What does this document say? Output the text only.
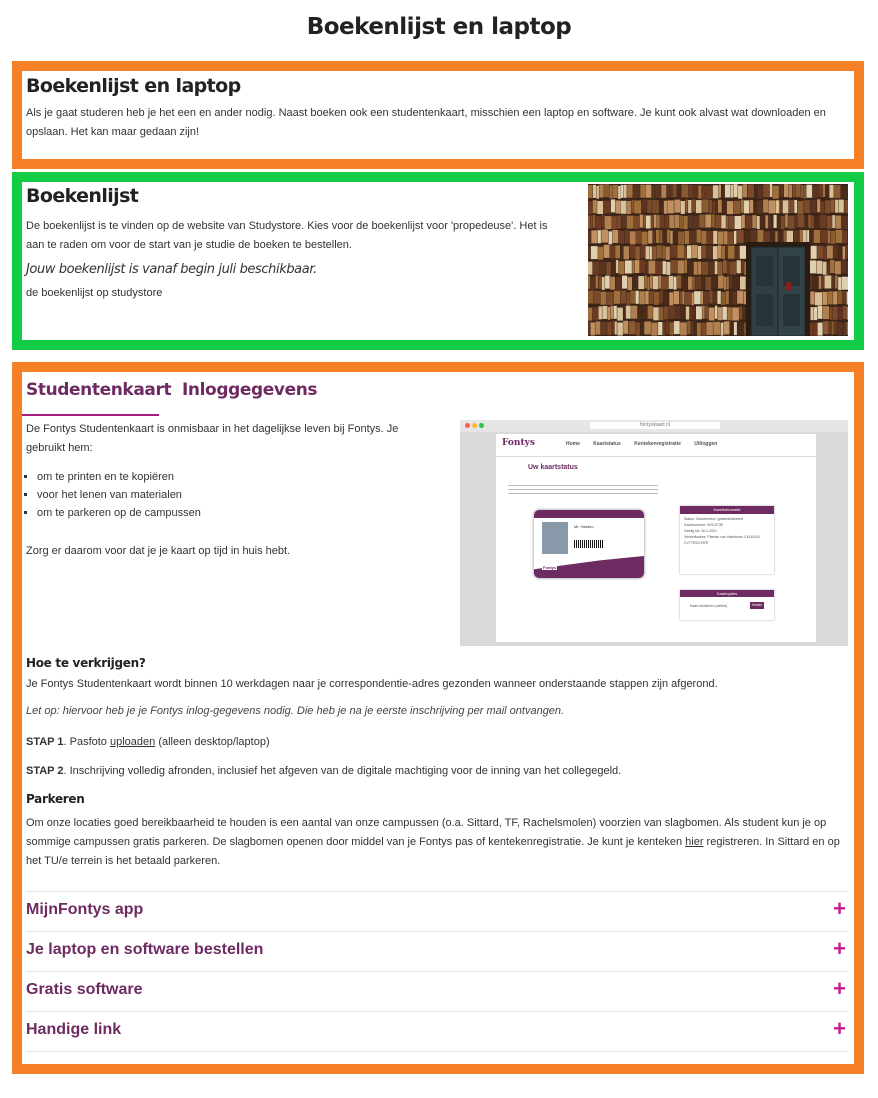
Boekenlijst en laptop
Boekenlijst en laptop

Als je gaat studeren heb je het een en ander nodig. Naast boeken ook een studentenkaart, misschien een laptop en software. Je kunt ook alvast wat downloaden en opslaan. Het kan maar gedaan zijn!

Boekenlijst

De boekenlijst is te vinden op de website van Studystore. Kies voor de boekenlijst voor 'propedeuse'. Het is aan te raden om voor de start van je studie de boeken te bestellen.

Jouw boekenlijst is vanaf begin juli beschikbaar.
de boekenlijst op studystore
Studentenkaart Inloggegevens

De Fontys Studentenkaart is onmisbaar in het dagelijkse leven bij Fontys. Je gebruikt hem:

▪ om te printen en te kopiëren
▪ voor het lenen van materialen
▪ om te parkeren op de campussen

Zorg er daarom voor dat je je kaart op tijd in huis hebt.

fontyskaart.nl
Fontys	Home	Kaartstatus	Kentekenregistratie	Uitloggen
Uw kaartstatus
Mr. Hasbro
Fontys
Kaartinformatie
Status: Geactiveerd / geadministreerd
Kaartnummer: 00013735
Geldig tot: 16-1-2021
Verwerkadres: Plantan van Hambroek 3 6163 AX CVTTROCHER
Kaartopties
Kaart blokkeren (defect)	Verder
Hoe te verkrijgen?

Je Fontys Studentenkaart wordt binnen 10 werkdagen naar je correspondentie-adres gezonden wanneer onderstaande stappen zijn afgerond.

Let op: hiervoor heb je je Fontys inlog-gegevens nodig. Die heb je na je eerste inschrijving per mail ontvangen.
STAP 1. Pasfoto uploaden (alleen desktop/laptop)
STAP 2. Inschrijving volledig afronden, inclusief het afgeven van de digitale machtiging voor de inning van het collegegeld.
Parkeren

Om onze locaties goed bereikbaarheid te houden is een aantal van onze campussen (o.a. Sittard, TF, Rachelsmolen) voorzien van slagbomen. Als student kun je op sommige campussen gratis parkeren. De slagbomen openen door middel van je Fontys pas of kentekenregistratie. Je kunt je kenteken hier registreren. In Sittard en op het TU/e terrein is het betaald parkeren.

MijnFontys app	+
Je laptop en software bestellen	+
Gratis software	+
Handige link	+
